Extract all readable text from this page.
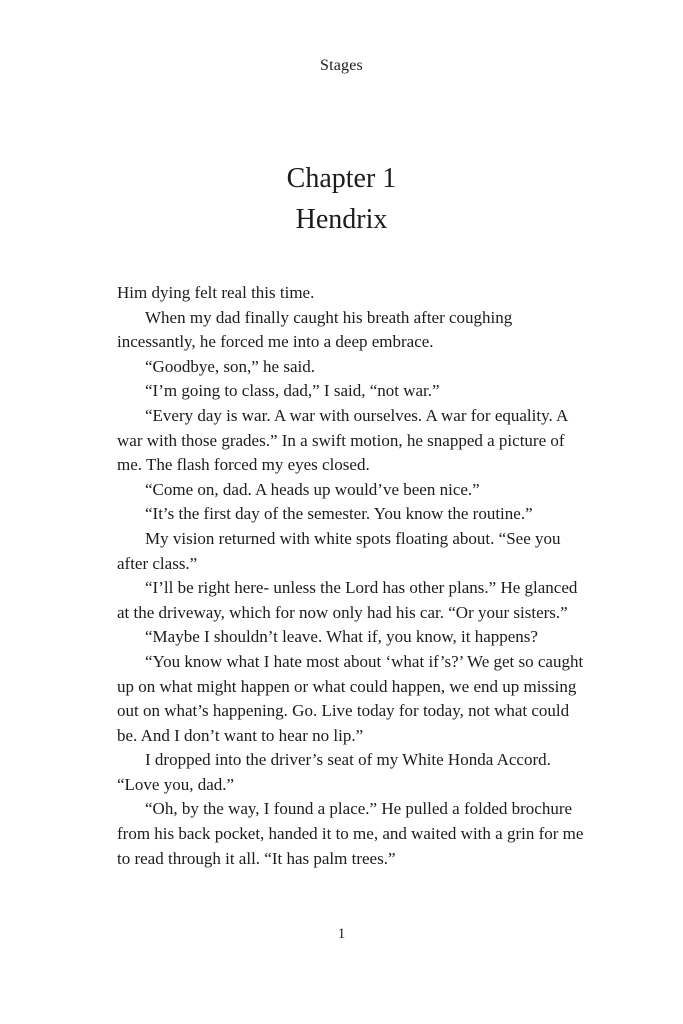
Stages
Chapter 1
Hendrix

Him dying felt real this time.

When my dad finally caught his breath after coughing incessantly, he forced me into a deep embrace.

“Goodbye, son,” he said.

“I’m going to class, dad,” I said, “not war.”

“Every day is war. A war with ourselves. A war for equality. A war with those grades.” In a swift motion, he snapped a picture of me. The flash forced my eyes closed.

“Come on, dad. A heads up would’ve been nice.”

“It’s the first day of the semester. You know the routine.”

My vision returned with white spots floating about. “See you after class.”

“I’ll be right here- unless the Lord has other plans.” He glanced at the driveway, which for now only had his car. “Or your sisters.”

“Maybe I shouldn’t leave. What if, you know, it happens?

“You know what I hate most about ‘what if’s?’ We get so caught up on what might happen or what could happen, we end up missing out on what’s happening. Go. Live today for today, not what could be. And I don’t want to hear no lip.”

I dropped into the driver’s seat of my White Honda Accord. “Love you, dad.”

“Oh, by the way, I found a place.” He pulled a folded brochure from his back pocket, handed it to me, and waited with a grin for me to read through it all. “It has palm trees.”

1
